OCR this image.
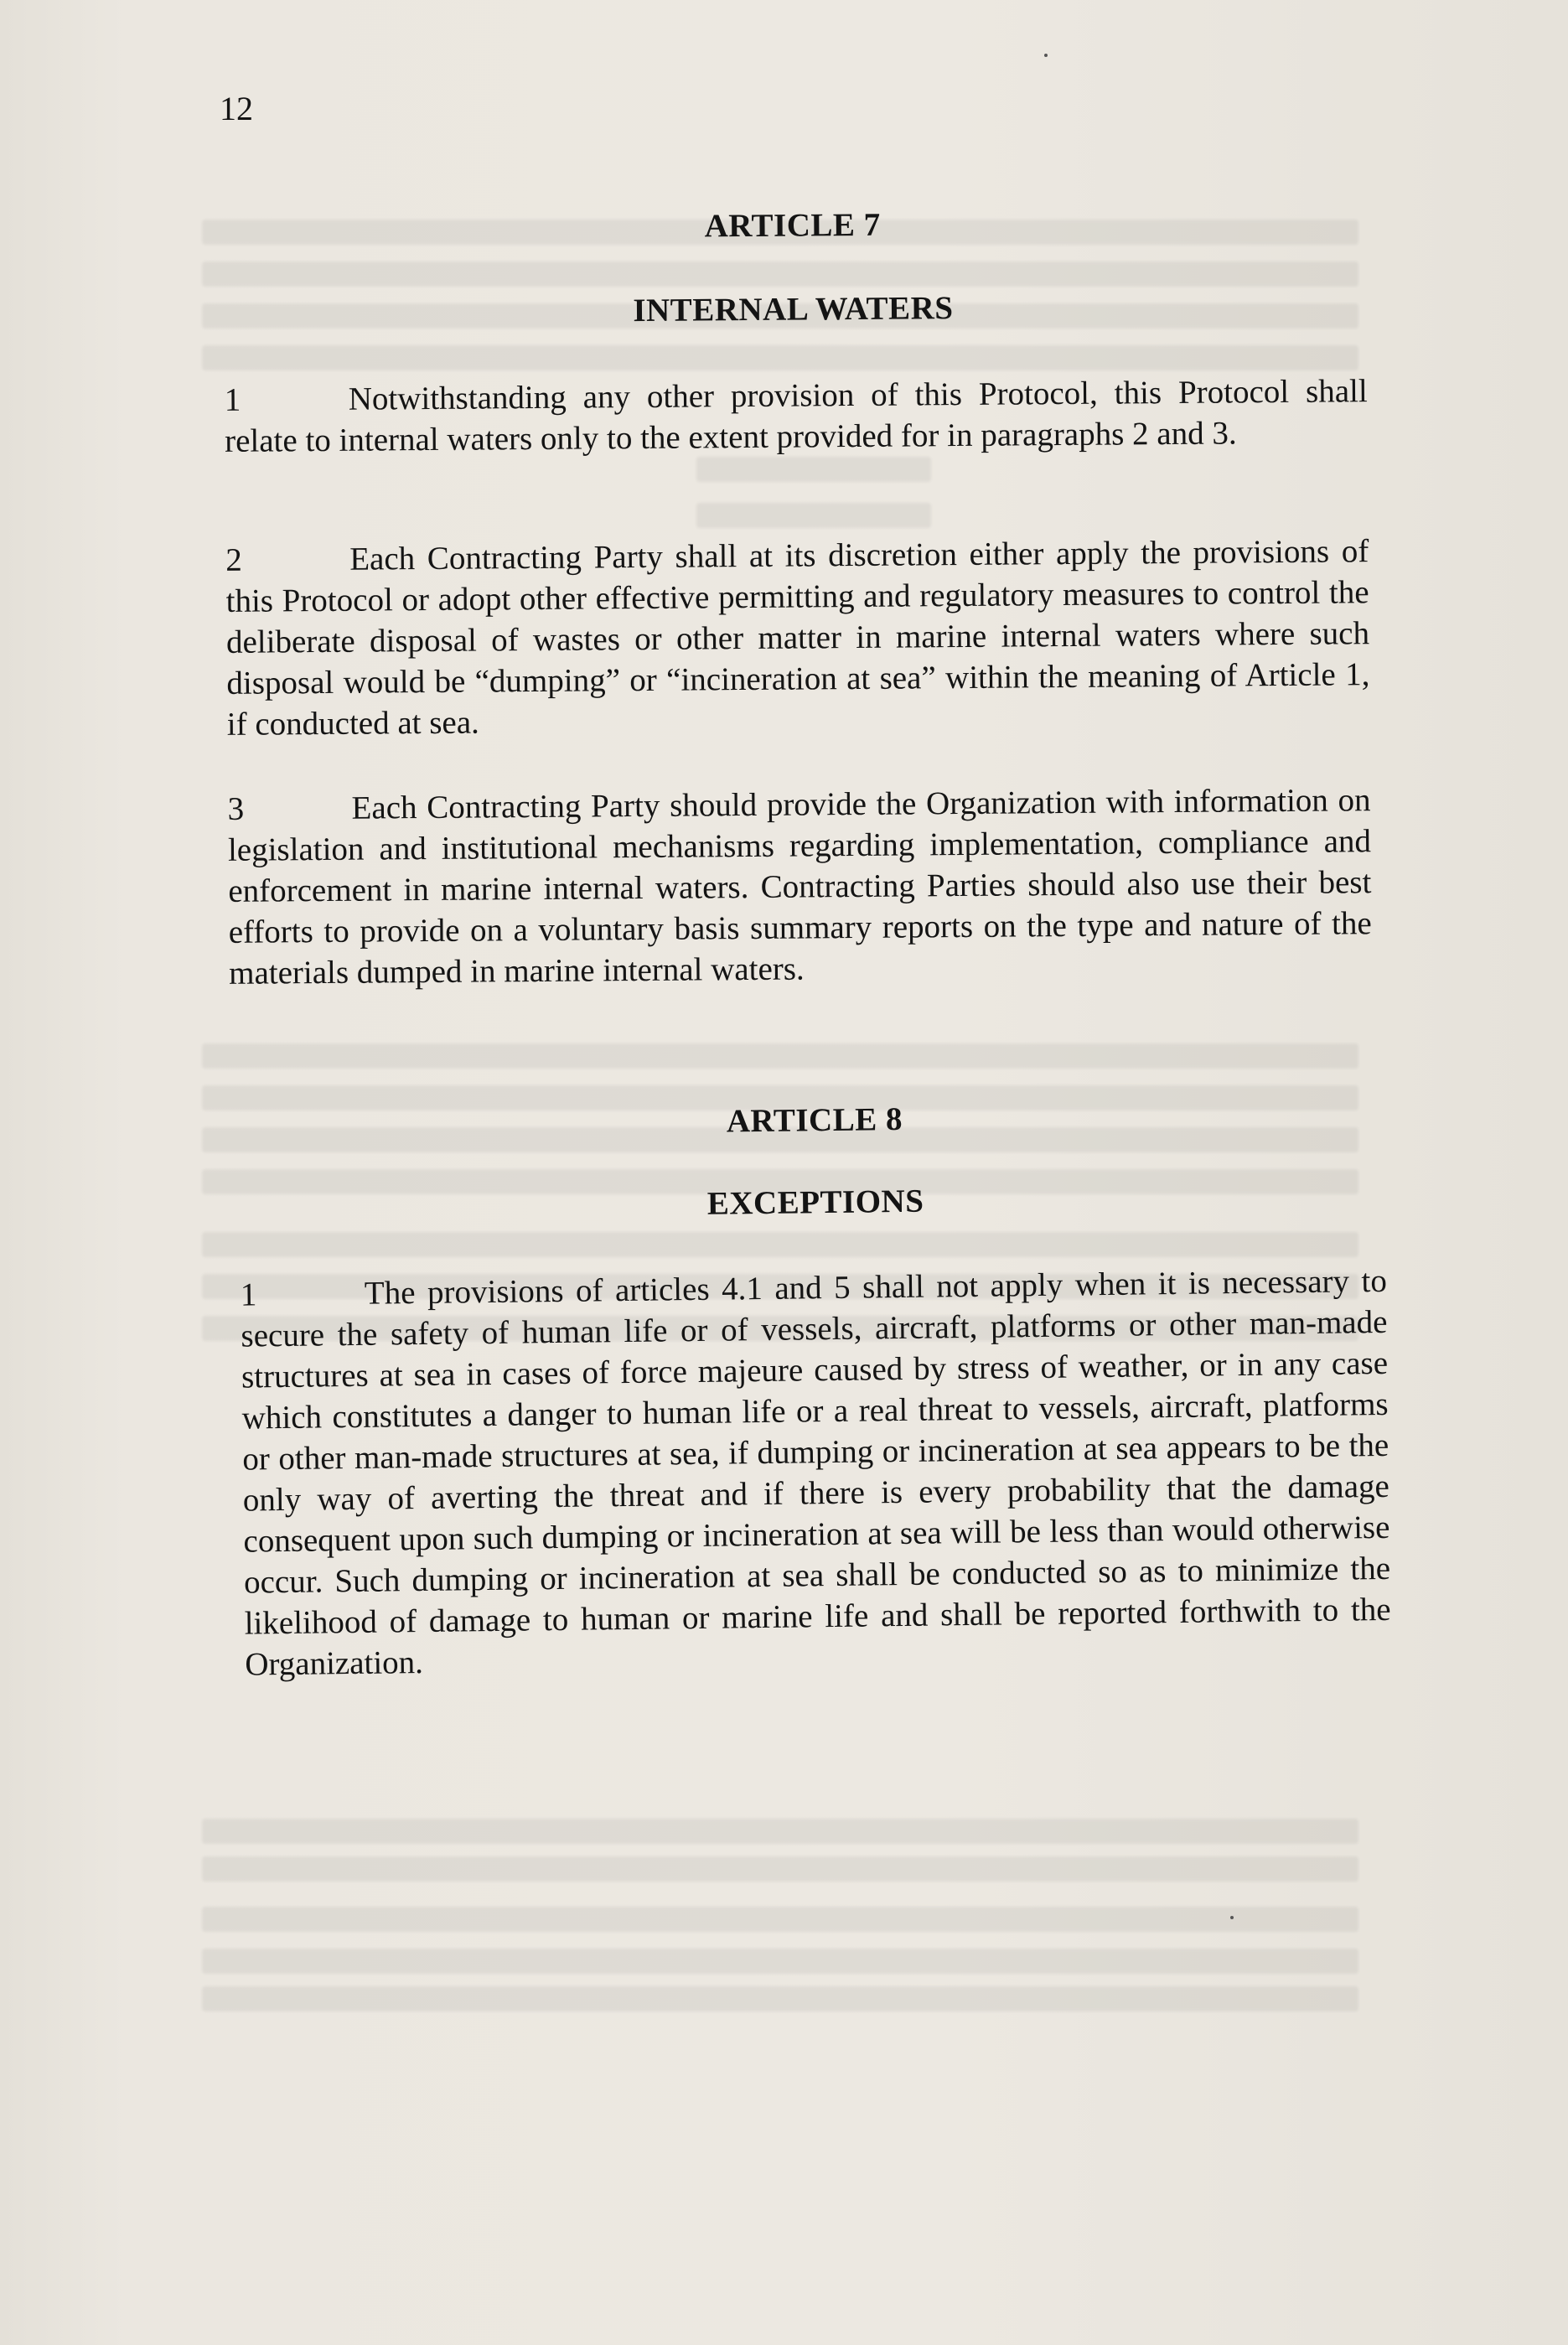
12
ARTICLE 7
INTERNAL WATERS
1	Notwithstanding any other provision of this Protocol, this Protocol shall relate to internal waters only to the extent provided for in paragraphs 2 and 3.
2	Each Contracting Party shall at its discretion either apply the provisions of this Protocol or adopt other effective permitting and regulatory measures to control the deliberate disposal of wastes or other matter in marine internal waters where such disposal would be “dumping” or “incineration at sea” within the meaning of Article 1, if conducted at sea.
3	Each Contracting Party should provide the Organization with information on legislation and institutional mechanisms regarding implementation, compliance and enforcement in marine internal waters. Contracting Parties should also use their best efforts to provide on a voluntary basis summary reports on the type and nature of the materials dumped in marine internal waters.
ARTICLE 8
EXCEPTIONS
1	The provisions of articles 4.1 and 5 shall not apply when it is necessary to secure the safety of human life or of vessels, aircraft, platforms or other man-made structures at sea in cases of force majeure caused by stress of weather, or in any case which constitutes a danger to human life or a real threat to vessels, aircraft, platforms or other man-made structures at sea, if dumping or incineration at sea appears to be the only way of averting the threat and if there is every probability that the damage consequent upon such dumping or incineration at sea will be less than would otherwise occur. Such dumping or incineration at sea shall be conducted so as to minimize the likelihood of damage to human or marine life and shall be reported forthwith to the Organization.
